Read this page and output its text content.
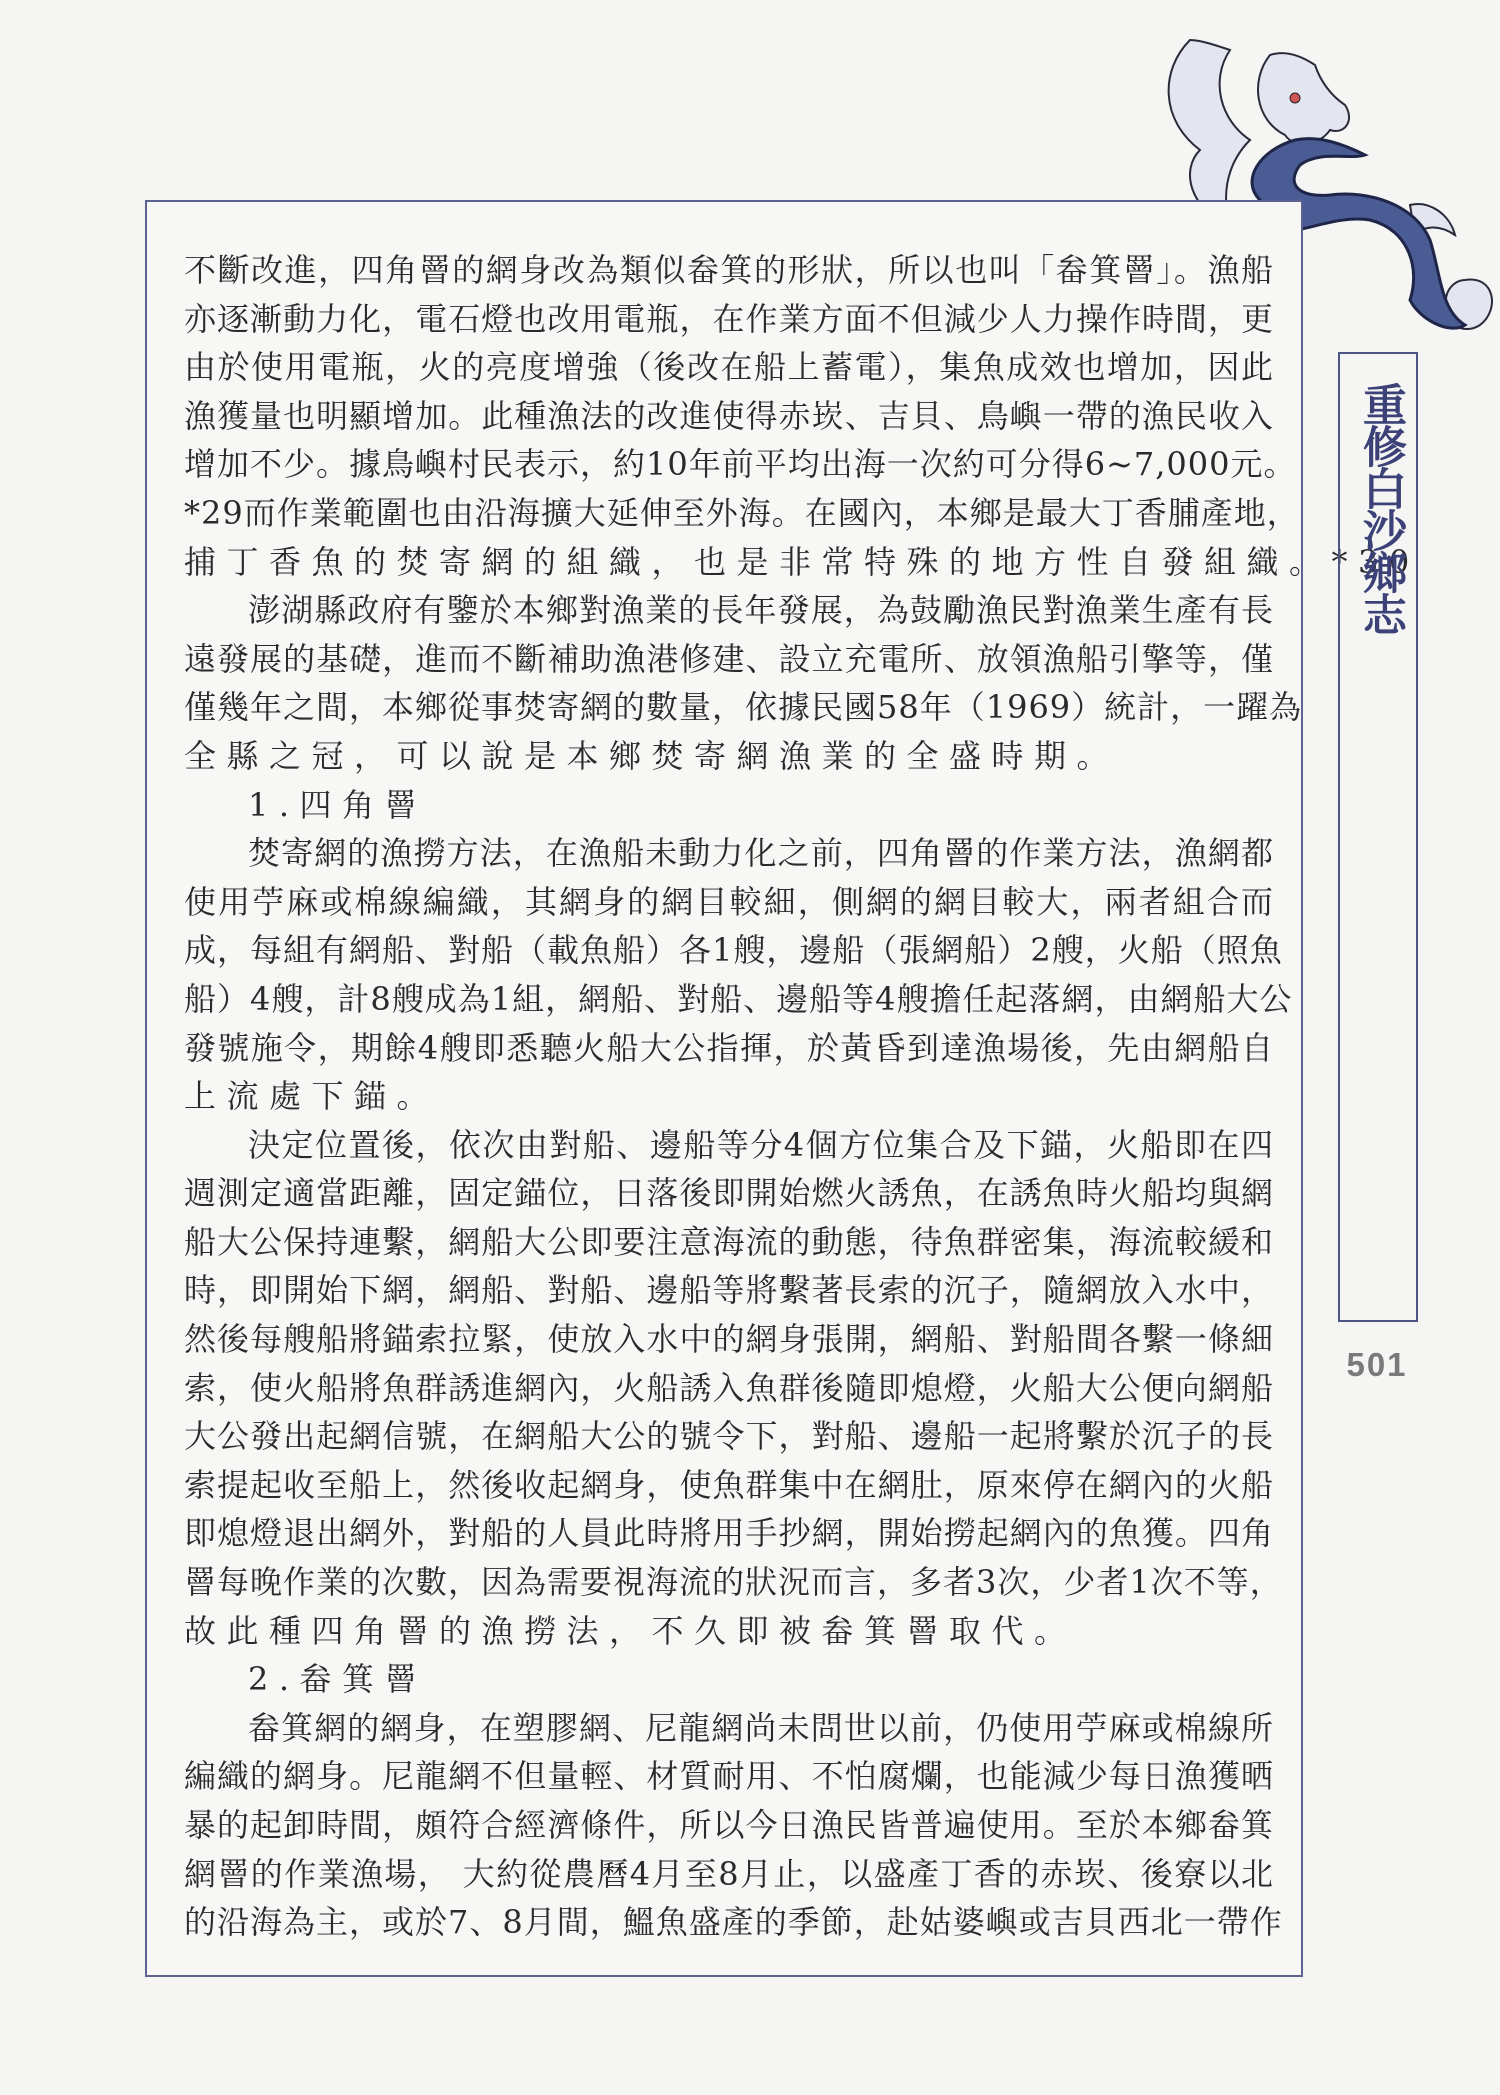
不斷改進，四角罾的網身改為類似畚箕的形狀，所以也叫「畚箕罾」。漁船
亦逐漸動力化，電石燈也改用電瓶，在作業方面不但減少人力操作時間，更
由於使用電瓶，火的亮度增強（後改在船上蓄電），集魚成效也增加，因此
漁獲量也明顯增加。此種漁法的改進使得赤崁、吉貝、鳥嶼一帶的漁民收入
增加不少。據鳥嶼村民表示，約10年前平均出海一次約可分得6~7,000元。
*29而作業範圍也由沿海擴大延伸至外海。在國內，本鄉是最大丁香脯產地，
捕丁香魚的焚寄網的組織，也是非常特殊的地方性自發組織。*30
澎湖縣政府有鑒於本鄉對漁業的長年發展，為鼓勵漁民對漁業生產有長
遠發展的基礎，進而不斷補助漁港修建、設立充電所、放領漁船引擎等，僅
僅幾年之間，本鄉從事焚寄網的數量，依據民國58年（1969）統計，一躍為
全縣之冠，可以說是本鄉焚寄網漁業的全盛時期。
1.四角罾
焚寄網的漁撈方法，在漁船未動力化之前，四角罾的作業方法，漁網都
使用苧麻或棉線編織，其網身的網目較細，側網的網目較大，兩者組合而
成，每組有網船、對船（載魚船）各1艘，邊船（張網船）2艘，火船（照魚
船）4艘，計8艘成為1組，網船、對船、邊船等4艘擔任起落網，由網船大公
發號施令，期餘4艘即悉聽火船大公指揮，於黃昏到達漁場後，先由網船自
上流處下錨。
決定位置後，依次由對船、邊船等分4個方位集合及下錨，火船即在四
週測定適當距離，固定錨位，日落後即開始燃火誘魚，在誘魚時火船均與網
船大公保持連繫，網船大公即要注意海流的動態，待魚群密集，海流較緩和
時，即開始下網，網船、對船、邊船等將繫著長索的沉子，隨網放入水中，
然後每艘船將錨索拉緊，使放入水中的網身張開，網船、對船間各繫一條細
索，使火船將魚群誘進網內，火船誘入魚群後隨即熄燈，火船大公便向網船
大公發出起網信號，在網船大公的號令下，對船、邊船一起將繫於沉子的長
索提起收至船上，然後收起網身，使魚群集中在網肚，原來停在網內的火船
即熄燈退出網外，對船的人員此時將用手抄網，開始撈起網內的魚獲。四角
罾每晚作業的次數，因為需要視海流的狀況而言，多者3次，少者1次不等，
故此種四角罾的漁撈法，不久即被畚箕罾取代。
2.畚箕罾
畚箕網的網身，在塑膠網、尼龍網尚未問世以前，仍使用苧麻或棉線所
編織的網身。尼龍網不但量輕、材質耐用、不怕腐爛，也能減少每日漁獲晒
暴的起卸時間，頗符合經濟條件，所以今日漁民皆普遍使用。至於本鄉畚箕
網罾的作業漁場， 大約從農曆4月至8月止，以盛產丁香的赤崁、後寮以北
的沿海為主，或於7、8月間，鰮魚盛產的季節，赴姑婆嶼或吉貝西北一帶作
重修白沙鄉志
501
